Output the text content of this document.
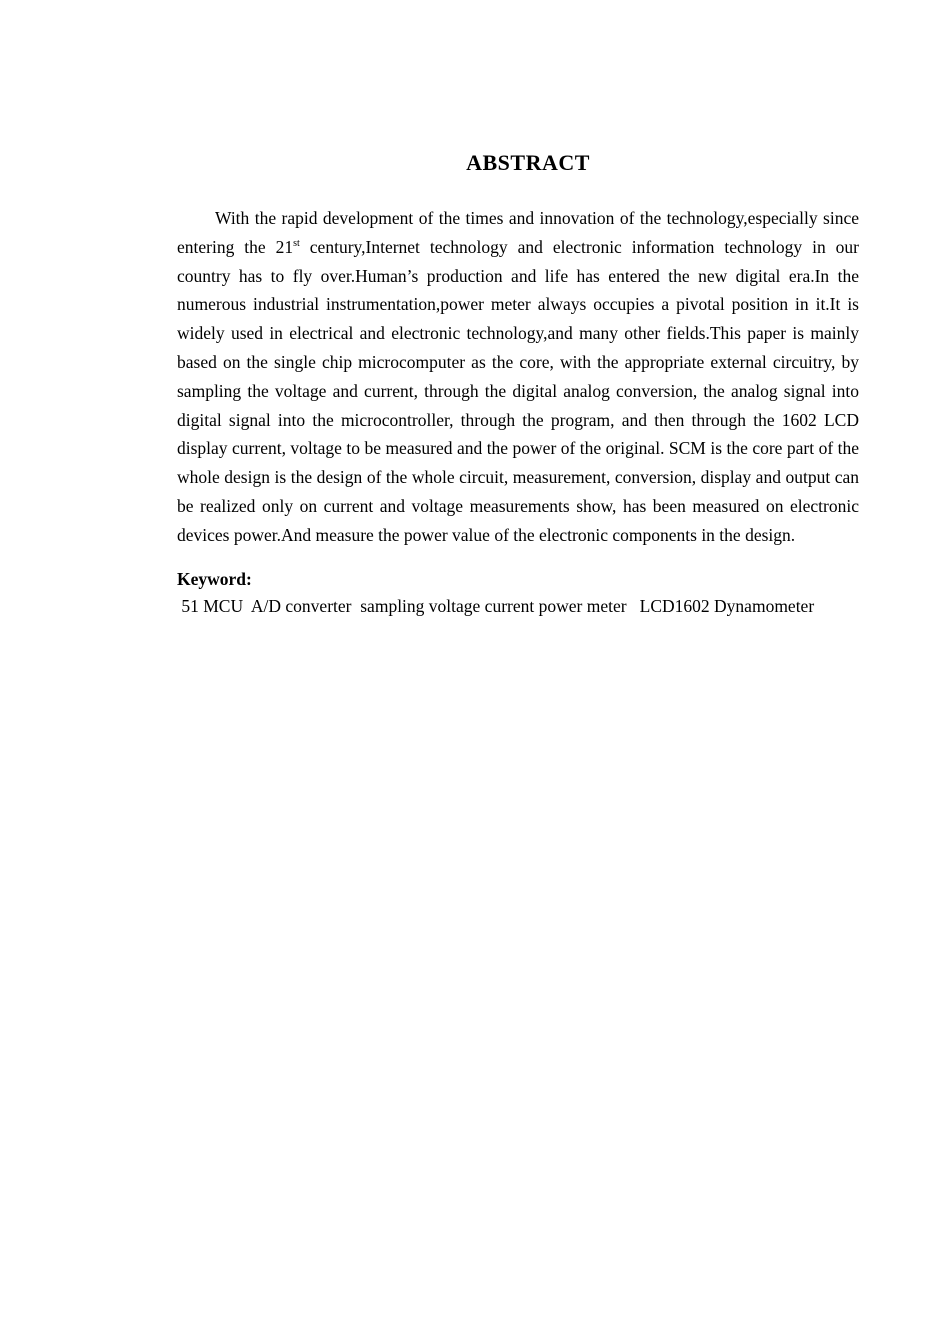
ABSTRACT

With the rapid development of the times and innovation of the technology,especially since entering the 21st century,Internet technology and electronic information technology in our country has to fly over.Human’s production and life has entered the new digital era.In the numerous industrial instrumentation,power meter always occupies a pivotal position in it.It is widely used in electrical and electronic technology,and many other fields.This paper is mainly based on the single chip microcomputer as the core, with the appropriate external circuitry, by sampling the voltage and current, through the digital analog conversion, the analog signal into digital signal into the microcontroller, through the program, and then through the 1602 LCD display current, voltage to be measured and the power of the original. SCM is the core part of the whole design is the design of the whole circuit, measurement, conversion, display and output can be realized only on current and voltage measurements show, has been measured on electronic devices power.And measure the power value of the electronic components in the design.

Keyword: 51 MCU  A/D converter  sampling voltage current power meter   LCD1602 Dynamometer
